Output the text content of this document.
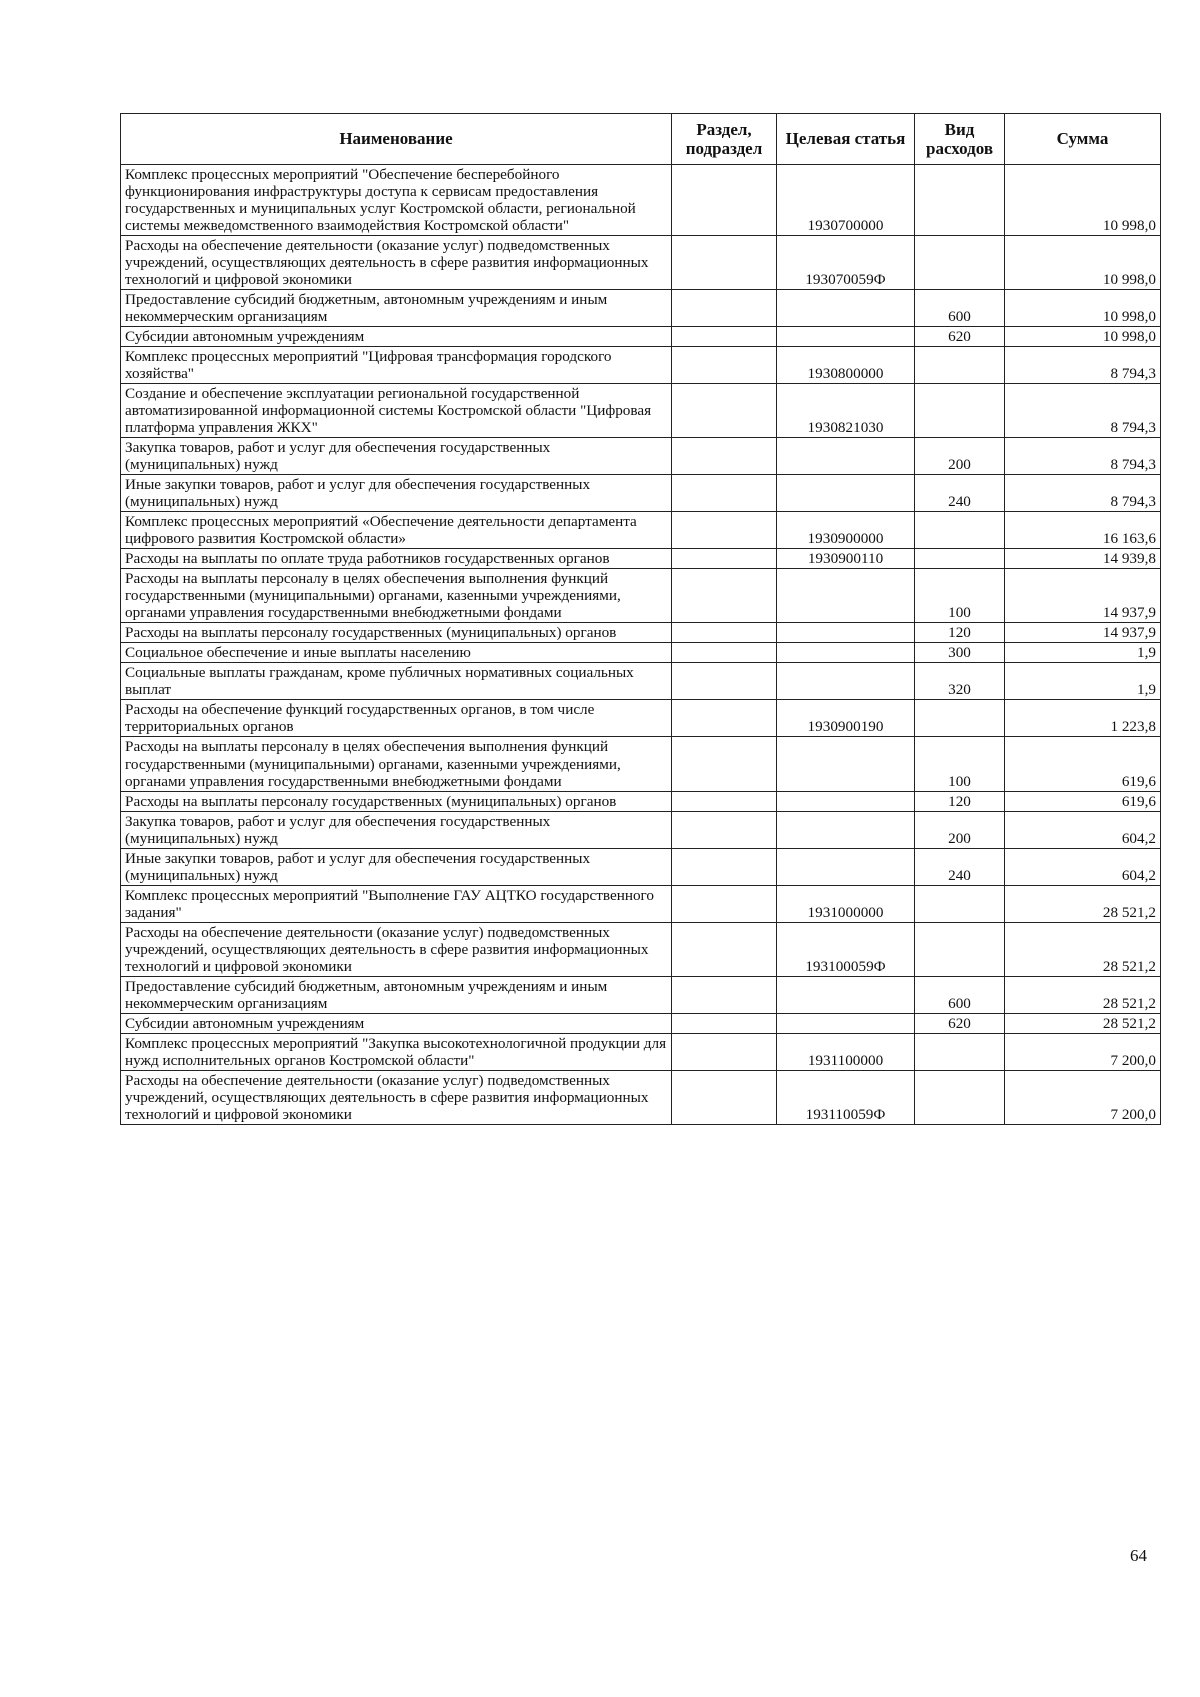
Наименование	Раздел, подраздел	Целевая статья	Вид расходов	Сумма
Комплекс процессных мероприятий "Обеспечение бесперебойного функционирования инфраструктуры доступа к сервисам предоставления государственных и муниципальных услуг Костромской области, региональной системы межведомственного взаимодействия Костромской области"		1930700000		10 998,0
Расходы на обеспечение деятельности (оказание услуг) подведомственных учреждений, осуществляющих деятельность в сфере развития информационных технологий и цифровой экономики		193070059Ф		10 998,0
Предоставление субсидий бюджетным, автономным учреждениям и иным некоммерческим организациям			600	10 998,0
Субсидии автономным учреждениям			620	10 998,0
Комплекс процессных мероприятий "Цифровая трансформация городского хозяйства"		1930800000		8 794,3
Создание и обеспечение эксплуатации региональной государственной автоматизированной информационной системы Костромской области "Цифровая платформа управления ЖКХ"		1930821030		8 794,3
Закупка товаров, работ и услуг для обеспечения государственных (муниципальных) нужд			200	8 794,3
Иные закупки товаров, работ и услуг для обеспечения государственных (муниципальных) нужд			240	8 794,3
Комплекс процессных мероприятий «Обеспечение деятельности департамента цифрового развития Костромской области»		1930900000		16 163,6
Расходы на выплаты по оплате труда работников государственных органов		1930900110		14 939,8
Расходы на выплаты персоналу в целях обеспечения выполнения функций государственными (муниципальными) органами, казенными учреждениями, органами управления государственными внебюджетными фондами			100	14 937,9
Расходы на выплаты персоналу государственных (муниципальных) органов			120	14 937,9
Социальное обеспечение и иные выплаты населению			300	1,9
Социальные выплаты гражданам, кроме публичных нормативных социальных выплат			320	1,9
Расходы на обеспечение функций государственных органов, в том числе территориальных органов		1930900190		1 223,8
Расходы на выплаты персоналу в целях обеспечения выполнения функций государственными (муниципальными) органами, казенными учреждениями, органами управления государственными внебюджетными фондами			100	619,6
Расходы на выплаты персоналу государственных (муниципальных) органов			120	619,6
Закупка товаров, работ и услуг для обеспечения государственных (муниципальных) нужд			200	604,2
Иные закупки товаров, работ и услуг для обеспечения государственных (муниципальных) нужд			240	604,2
Комплекс процессных мероприятий "Выполнение ГАУ АЦТКО государственного задания"		1931000000		28 521,2
Расходы на обеспечение деятельности (оказание услуг) подведомственных учреждений, осуществляющих деятельность в сфере развития информационных технологий и цифровой экономики		193100059Ф		28 521,2
Предоставление субсидий бюджетным, автономным учреждениям и иным некоммерческим организациям			600	28 521,2
Субсидии автономным учреждениям			620	28 521,2
Комплекс процессных мероприятий "Закупка высокотехнологичной продукции для нужд исполнительных органов Костромской области"		1931100000		7 200,0
Расходы на обеспечение деятельности (оказание услуг) подведомственных учреждений, осуществляющих деятельность в сфере развития информационных технологий и цифровой экономики		193110059Ф		7 200,0
64
